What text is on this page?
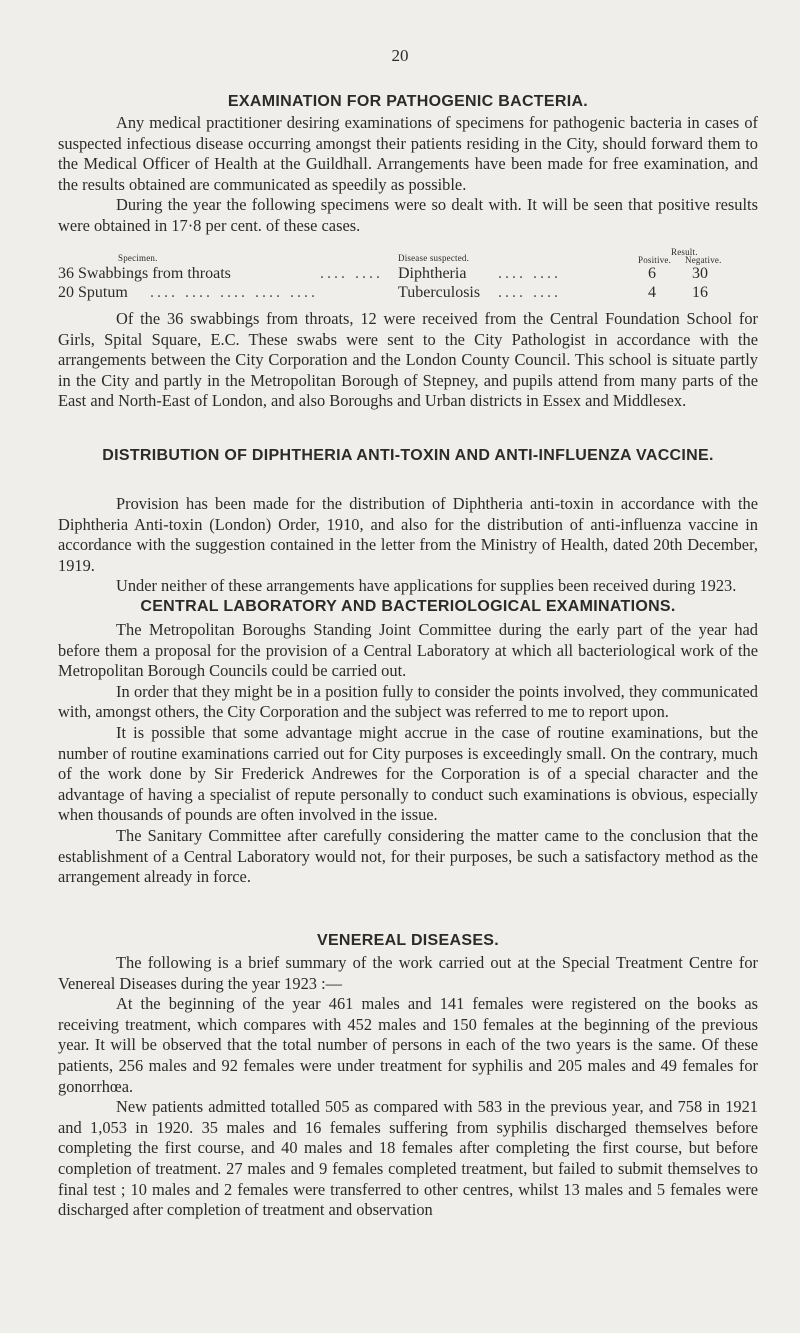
20
EXAMINATION FOR PATHOGENIC BACTERIA.

Any medical practitioner desiring examinations of specimens for pathogenic bacteria in cases of suspected infectious disease occurring amongst their patients residing in the City, should forward them to the Medical Officer of Health at the Guildhall. Arrangements have been made for free examination, and the results obtained are communicated as speedily as possible.

During the year the following specimens were so dealt with. It will be seen that positive results were obtained in 17·8 per cent. of these cases.

Specimen.	Disease suspected.
Result.
Positive. Negative.
36 Swabbings from throats	.... .... Diphtheria .... ....	6 30
20 Sputum .... .... .... .... ....	Tuberculosis .... ....	4 16

Of the 36 swabbings from throats, 12 were received from the Central Foundation School for Girls, Spital Square, E.C. These swabs were sent to the City Pathologist in accordance with the arrangements between the City Corporation and the London County Council. This school is situate partly in the City and partly in the Metropolitan Borough of Stepney, and pupils attend from many parts of the East and North-East of London, and also Boroughs and Urban districts in Essex and Middlesex.

DISTRIBUTION OF DIPHTHERIA ANTI-TOXIN AND ANTI-INFLUENZA VACCINE.

Provision has been made for the distribution of Diphtheria anti-toxin in accordance with the Diphtheria Anti-toxin (London) Order, 1910, and also for the distribution of anti-influenza vaccine in accordance with the suggestion contained in the letter from the Ministry of Health, dated 20th December, 1919.

Under neither of these arrangements have applications for supplies been received during 1923.

CENTRAL LABORATORY AND BACTERIOLOGICAL EXAMINATIONS.

The Metropolitan Boroughs Standing Joint Committee during the early part of the year had before them a proposal for the provision of a Central Laboratory at which all bacteriological work of the Metropolitan Borough Councils could be carried out.

In order that they might be in a position fully to consider the points involved, they communicated with, amongst others, the City Corporation and the subject was referred to me to report upon.

It is possible that some advantage might accrue in the case of routine examinations, but the number of routine examinations carried out for City purposes is exceedingly small. On the contrary, much of the work done by Sir Frederick Andrewes for the Corporation is of a special character and the advantage of having a specialist of repute personally to conduct such examinations is obvious, especially when thousands of pounds are often involved in the issue.

The Sanitary Committee after carefully considering the matter came to the conclusion that the establishment of a Central Laboratory would not, for their purposes, be such a satisfactory method as the arrangement already in force.

VENEREAL DISEASES.

The following is a brief summary of the work carried out at the Special Treatment Centre for Venereal Diseases during the year 1923 :—

At the beginning of the year 461 males and 141 females were registered on the books as receiving treatment, which compares with 452 males and 150 females at the beginning of the previous year. It will be observed that the total number of persons in each of the two years is the same. Of these patients, 256 males and 92 females were under treatment for syphilis and 205 males and 49 females for gonorrhœa.

New patients admitted totalled 505 as compared with 583 in the previous year, and 758 in 1921 and 1,053 in 1920. 35 males and 16 females suffering from syphilis discharged themselves before completing the first course, and 40 males and 18 females after completing the first course, but before completion of treatment. 27 males and 9 females completed treatment, but failed to submit themselves to final test ; 10 males and 2 females were transferred to other centres, whilst 13 males and 5 females were discharged after completion of treatment and observation
